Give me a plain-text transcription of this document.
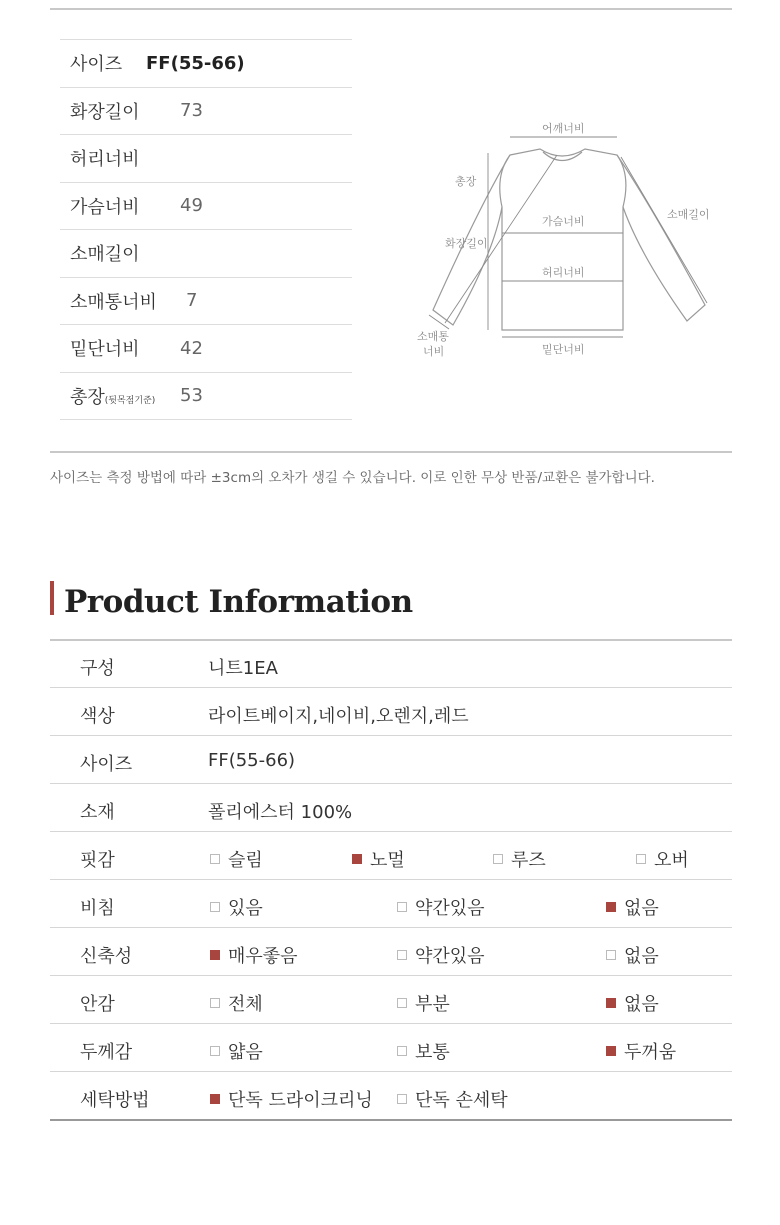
사이즈 FF(55-66)
화장길이 73
허리너비
가슴너비 49
소매길이
소매통너비 7
밑단너비 42
총장(뒷목점기준) 53
어깨너비
총장
가슴너비
소매길이
화장길이
허리너비
소매통
너비	밑단너비
사이즈는 측정 방법에 따라 ±3cm의 오차가 생길 수 있습니다. 이로 인한 무상 반품/교환은 불가합니다.
Product Information
구성	니트1EA
색상	라이트베이지,네이비,오렌지,레드
사이즈	FF(55-66)
소재	폴리에스터 100%
핏감	슬림	노멀	루즈	오버
비침	있음	약간있음	없음
신축성	매우좋음	약간있음	없음
안감	전체	부분	없음
두께감	얇음	보통	두꺼움
세탁방법	단독 드라이크리닝 단독 손세탁
